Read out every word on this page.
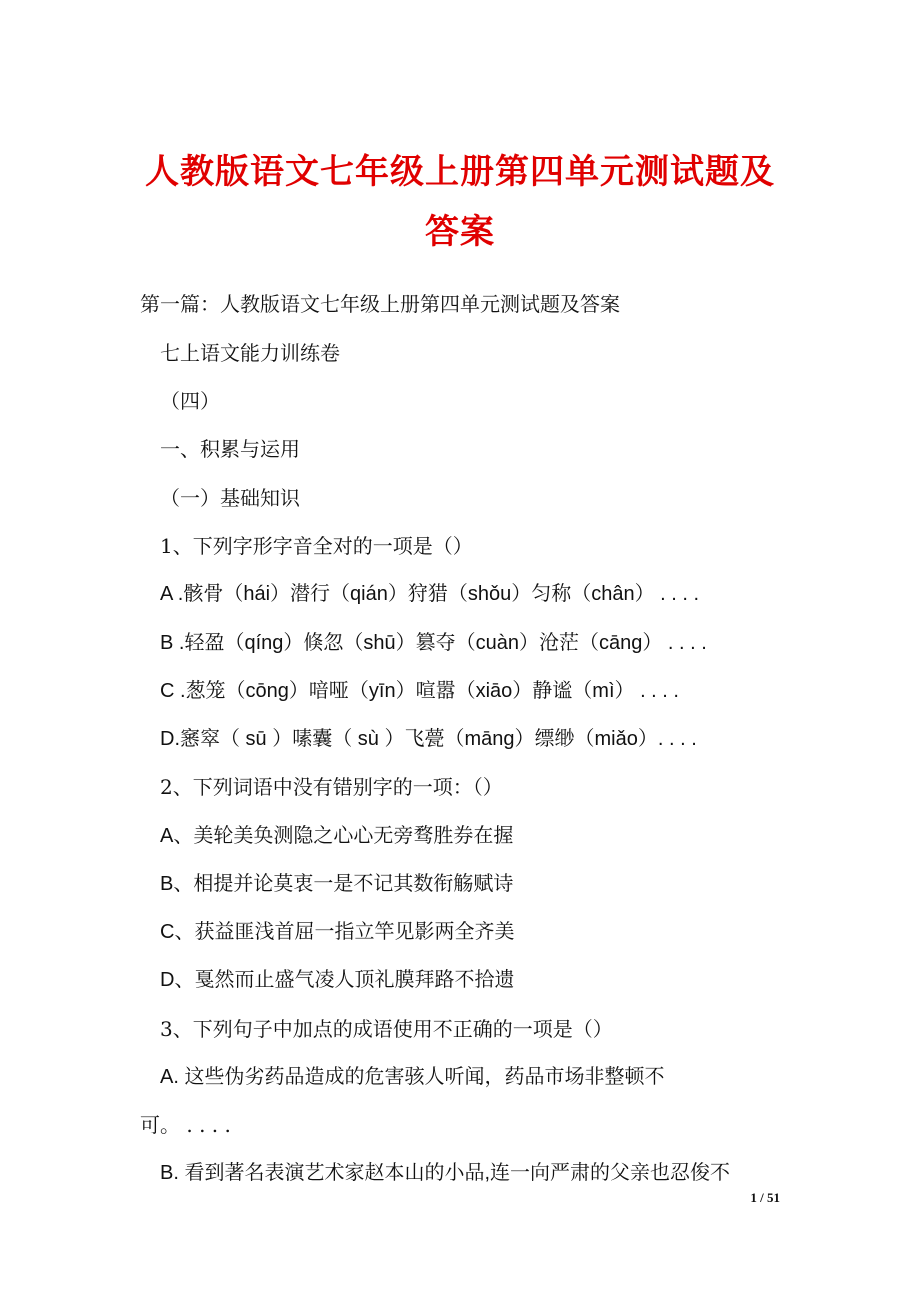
人教版语文七年级上册第四单元测试题及
答案
第一篇：人教版语文七年级上册第四单元测试题及答案
七上语文能力训练卷
（四）
一、积累与运用
（一）基础知识
1、下列字形字音全对的一项是（）
A .骸骨（hái）潜行（qián）狩猎（shǒu）匀称（chân） . . . .
B .轻盈（qíng）倏忽（shū）篡夺（cuàn）沧茫（cāng） . . . .
C .葱笼（cōng）喑哑（yīn）喧嚣（xiāo）静谧（mì） . . . .
D.窸窣（ sū ）嗉囊（ sù ）飞甍（māng）缥缈（miǎo）. . . .
2、下列词语中没有错别字的一项：（）
A、美轮美奂测隐之心心无旁骛胜券在握
B、相提并论莫衷一是不记其数衔觞赋诗
C、获益匪浅首屈一指立竿见影两全齐美
D、戛然而止盛气凌人顶礼膜拜路不拾遗
3、下列句子中加点的成语使用不正确的一项是（）
A. 这些伪劣药品造成的危害骇人听闻，药品市场非整顿不
可。 . . . .
B. 看到著名表演艺术家赵本山的小品,连一向严肃的父亲也忍俊不
1 / 51
